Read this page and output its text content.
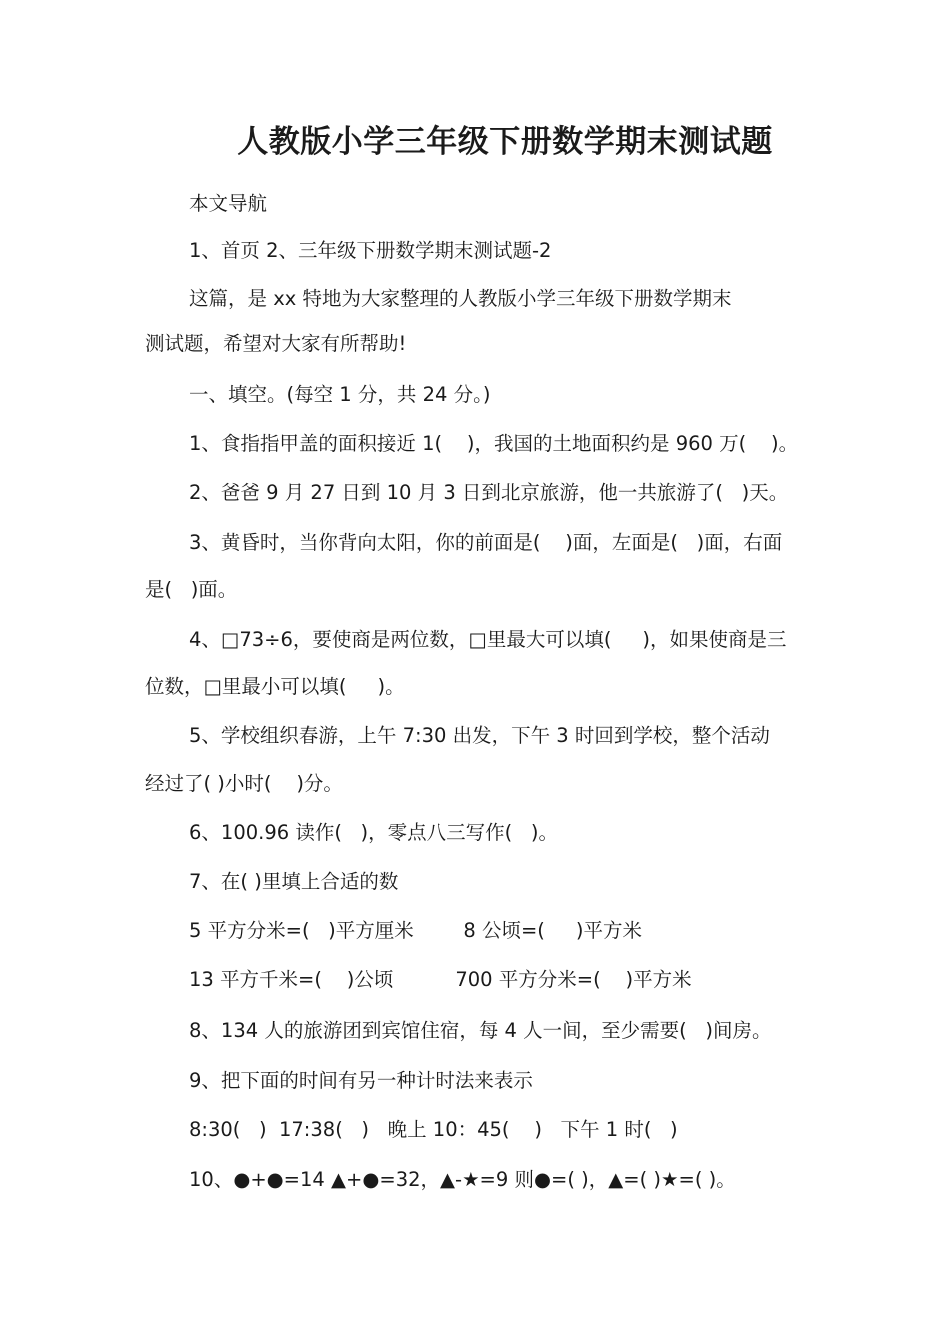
人教版小学三年级下册数学期末测试题
本文导航
1、首页 2、三年级下册数学期末测试题-2
这篇，是 xx 特地为大家整理的人教版小学三年级下册数学期末
测试题，希望对大家有所帮助!
一、填空。(每空 1 分，共 24 分。)
1、食指指甲盖的面积接近 1(    )，我国的土地面积约是 960 万(    )。
2、爸爸 9 月 27 日到 10 月 3 日到北京旅游，他一共旅游了(   )天。
3、黄昏时，当你背向太阳，你的前面是(    )面，左面是(   )面，右面
是(   )面。
4、□73÷6，要使商是两位数，□里最大可以填(     )，如果使商是三
位数，□里最小可以填(     )。
5、学校组织春游，上午 7:30 出发，下午 3 时回到学校，整个活动
经过了( )小时(    )分。
6、100.96 读作(   )，零点八三写作(   )。
7、在( )里填上合适的数
5 平方分米=(   )平方厘米        8 公顷=(     )平方米
13 平方千米=(    )公顷          700 平方分米=(    )平方米
8、134 人的旅游团到宾馆住宿，每 4 人一间，至少需要(   )间房。
9、把下面的时间有另一种计时法来表示
8:30(   )  17:38(   )   晚上 10：45(    )   下午 1 时(   )
10、●+●=14 ▲+●=32，▲-★=9 则●=( )，▲=( )★=( )。
